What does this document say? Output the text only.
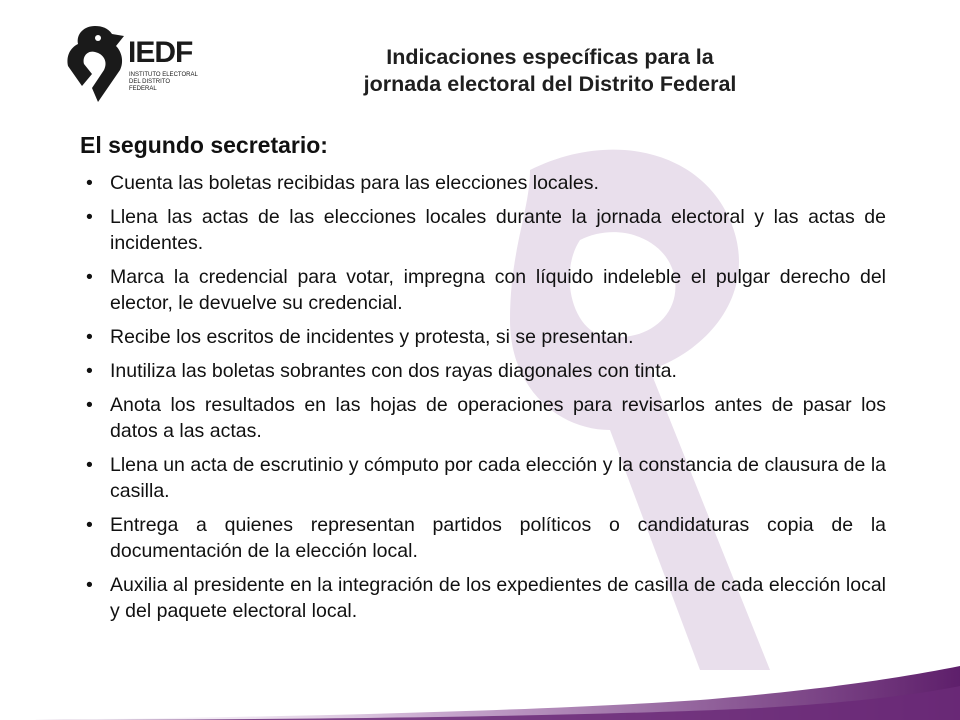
IEDF
INSTITUTO ELECTORAL DEL DISTRITO FEDERAL
Indicaciones específicas para la
jornada electoral del Distrito Federal
El segundo secretario:
• Cuenta las boletas recibidas para las elecciones locales.
• Llena las actas de las elecciones locales durante la jornada electoral y las actas de incidentes.
• Marca la credencial para votar, impregna con líquido indeleble el pulgar derecho del elector, le devuelve su credencial.
• Recibe los escritos de incidentes y protesta, si se presentan.
• Inutiliza las boletas sobrantes con dos rayas diagonales con tinta.
• Anota los resultados en las hojas de operaciones para revisarlos antes de pasar los datos a las actas.
• Llena un acta de escrutinio y cómputo por cada elección y la constancia de clausura de la casilla.
• Entrega a quienes representan partidos políticos o candidaturas copia de la documentación de la elección local.
• Auxilia al presidente en la integración de los expedientes de casilla de cada elección local y del paquete electoral local.
